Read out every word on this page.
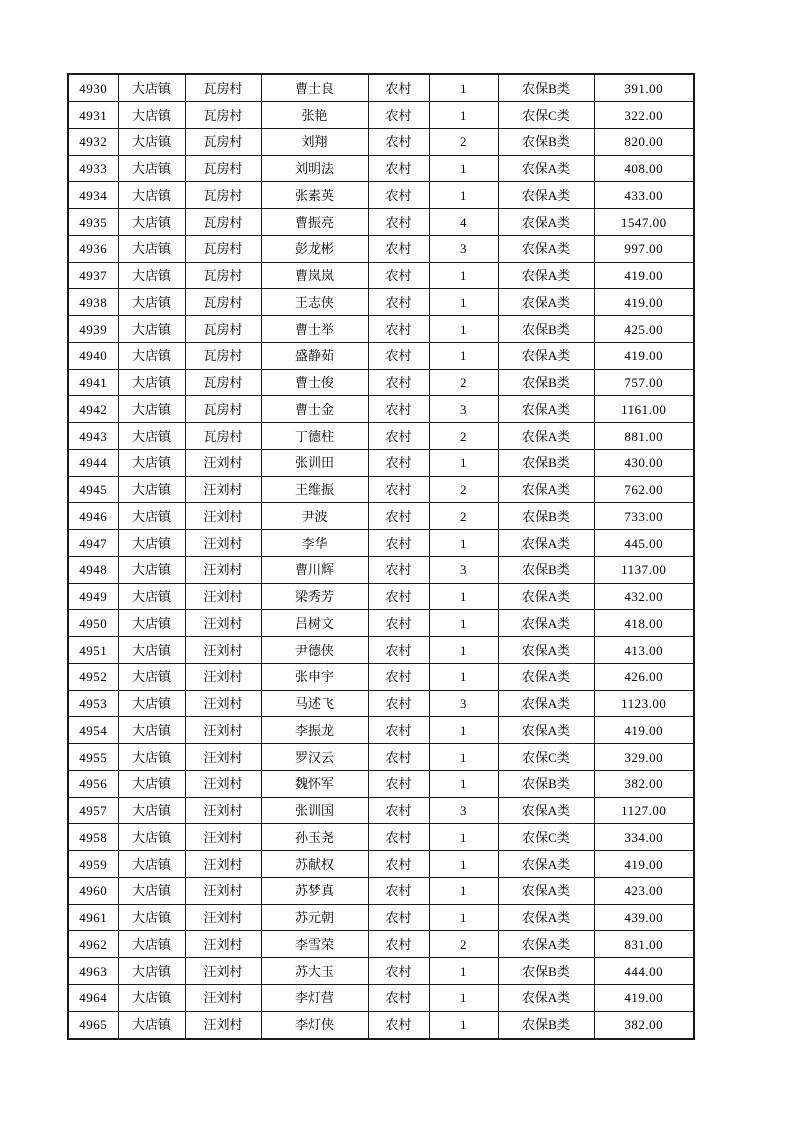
4930	大店镇	瓦房村	曹士良	农村	1	农保B类	391.00
4931	大店镇	瓦房村	张艳	农村	1	农保C类	322.00
4932	大店镇	瓦房村	刘翔	农村	2	农保B类	820.00
4933	大店镇	瓦房村	刘明法	农村	1	农保A类	408.00
4934	大店镇	瓦房村	张素英	农村	1	农保A类	433.00
4935	大店镇	瓦房村	曹振亮	农村	4	农保A类	1547.00
4936	大店镇	瓦房村	彭龙彬	农村	3	农保A类	997.00
4937	大店镇	瓦房村	曹岚岚	农村	1	农保A类	419.00
4938	大店镇	瓦房村	王志侠	农村	1	农保A类	419.00
4939	大店镇	瓦房村	曹士举	农村	1	农保B类	425.00
4940	大店镇	瓦房村	盛静茹	农村	1	农保A类	419.00
4941	大店镇	瓦房村	曹士俊	农村	2	农保B类	757.00
4942	大店镇	瓦房村	曹士金	农村	3	农保A类	1161.00
4943	大店镇	瓦房村	丁德柱	农村	2	农保A类	881.00
4944	大店镇	汪刘村	张训田	农村	1	农保B类	430.00
4945	大店镇	汪刘村	王维振	农村	2	农保A类	762.00
4946	大店镇	汪刘村	尹波	农村	2	农保B类	733.00
4947	大店镇	汪刘村	李华	农村	1	农保A类	445.00
4948	大店镇	汪刘村	曹川辉	农村	3	农保B类	1137.00
4949	大店镇	汪刘村	梁秀芳	农村	1	农保A类	432.00
4950	大店镇	汪刘村	吕树文	农村	1	农保A类	418.00
4951	大店镇	汪刘村	尹德侠	农村	1	农保A类	413.00
4952	大店镇	汪刘村	张申宇	农村	1	农保A类	426.00
4953	大店镇	汪刘村	马述飞	农村	3	农保A类	1123.00
4954	大店镇	汪刘村	李振龙	农村	1	农保A类	419.00
4955	大店镇	汪刘村	罗汉云	农村	1	农保C类	329.00
4956	大店镇	汪刘村	魏怀军	农村	1	农保B类	382.00
4957	大店镇	汪刘村	张训国	农村	3	农保A类	1127.00
4958	大店镇	汪刘村	孙玉尧	农村	1	农保C类	334.00
4959	大店镇	汪刘村	苏献权	农村	1	农保A类	419.00
4960	大店镇	汪刘村	苏梦真	农村	1	农保A类	423.00
4961	大店镇	汪刘村	苏元朝	农村	1	农保A类	439.00
4962	大店镇	汪刘村	李雪荣	农村	2	农保A类	831.00
4963	大店镇	汪刘村	苏大玉	农村	1	农保B类	444.00
4964	大店镇	汪刘村	李灯营	农村	1	农保A类	419.00
4965	大店镇	汪刘村	李灯侠	农村	1	农保B类	382.00
